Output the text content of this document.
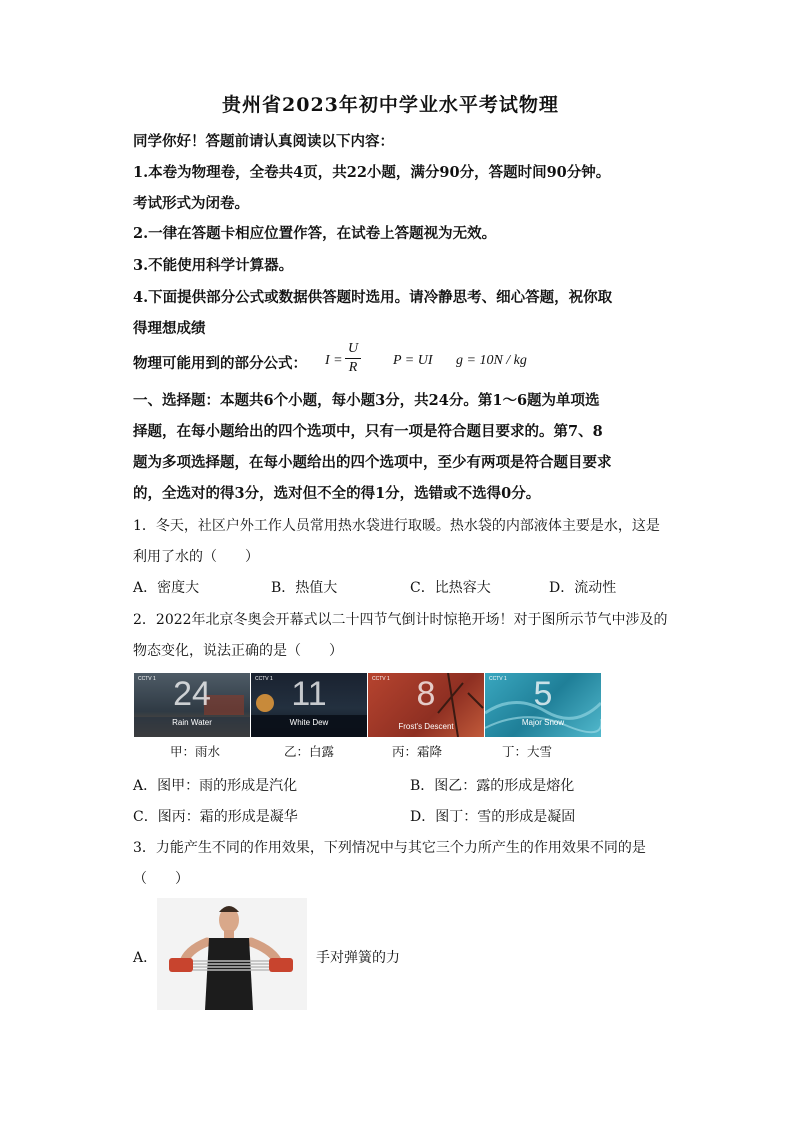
贵州省2023年初中学业水平考试物理
同学你好！答题前请认真阅读以下内容：
1.本卷为物理卷，全卷共4页，共22小题，满分90分，答题时间90分钟。
考试形式为闭卷。
2.一律在答题卡相应位置作答，在试卷上答题视为无效。
3.不能使用科学计算器。
4.下面提供部分公式或数据供答题时选用。请冷静思考、细心答题，祝你取
得理想成绩
物理可能用到的部分公式： I =
U
R	P = UI g = 10N / kg
一、选择题：本题共6个小题，每小题3分，共24分。第1～6题为单项选
择题，在每小题给出的四个选项中，只有一项是符合题目要求的。第7、8
题为多项选择题，在每小题给出的四个选项中，至少有两项是符合题目要求
的，全选对的得3分，选对但不全的得1分，选错或不选得0分。
1．冬天，社区户外工作人员常用热水袋进行取暖。热水袋的内部液体主要是水，这是
利用了水的（　　）
A．密度大	B．热值大	C．比热容大	D．流动性
2．2022年北京冬奥会开幕式以二十四节气倒计时惊艳开场！对于图所示节气中涉及的
物态变化，说法正确的是（　　）
CCTV 1 24
Rain Water
CCTV 1 11
White Dew
CCTV 1 8
Frost's Descent
CCTV 1 5
Major Snow
甲：雨水	乙：白露	丙：霜降	丁：大雪
A．图甲：雨的形成是汽化	B．图乙：露的形成是熔化
C．图丙：霜的形成是凝华	D．图丁：雪的形成是凝固
3．力能产生不同的作用效果，下列情况中与其它三个力所产生的作用效果不同的是
（　　）
A．	手对弹簧的力
